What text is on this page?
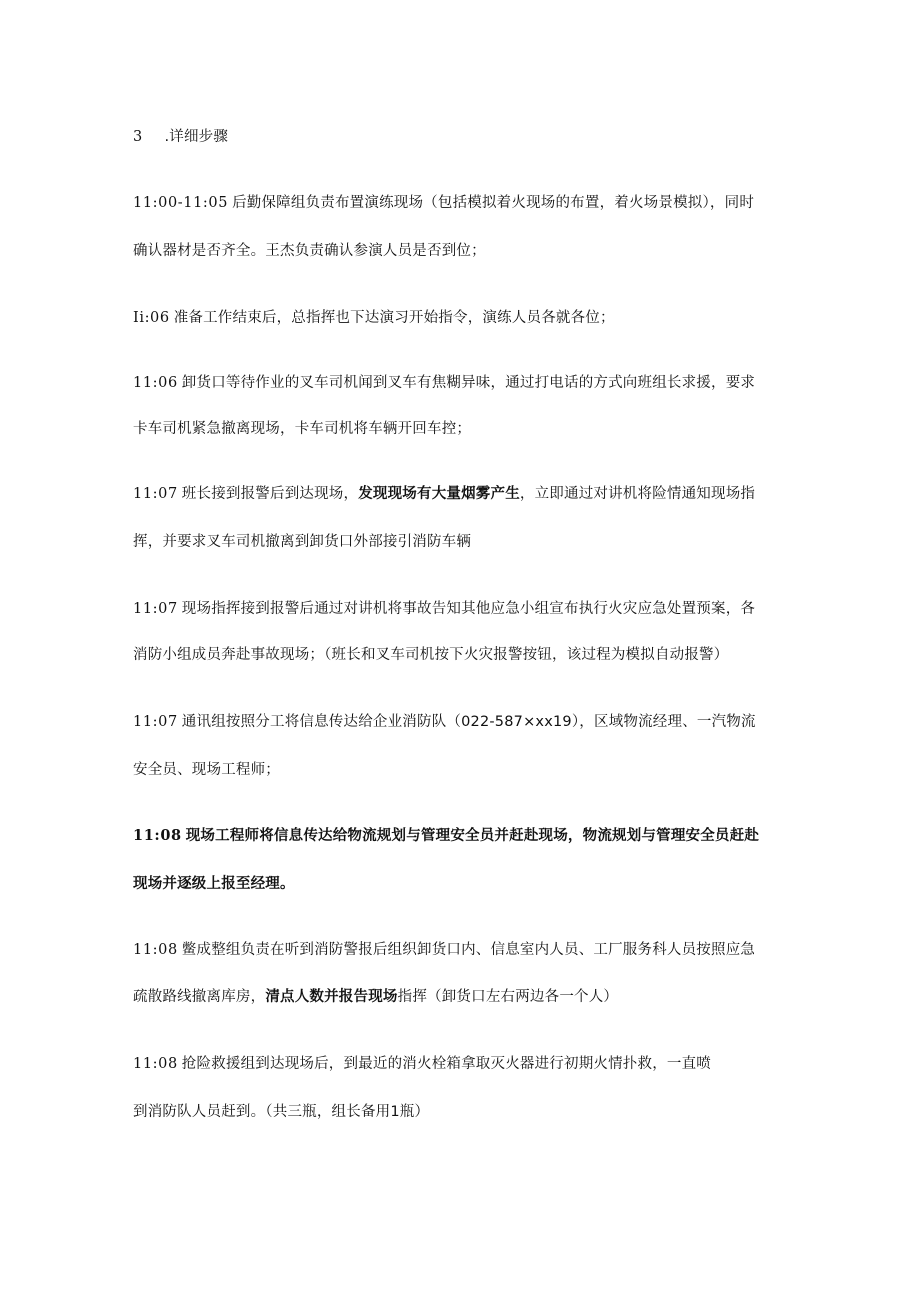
3 .详细步骤
11:00-11:05 后勤保障组负责布置演练现场（包括模拟着火现场的布置，着火场景模拟），同时
确认器材是否齐全。王杰负责确认参演人员是否到位；
Ii:06 准备工作结束后，总指挥也下达演习开始指令，演练人员各就各位；
11:06 卸货口等待作业的叉车司机闻到叉车有焦糊异味，通过打电话的方式向班组长求援，要求
卡车司机紧急撤离现场，卡车司机将车辆开回车控；
11:07 班长接到报警后到达现场，发现现场有大量烟雾产生，立即通过对讲机将险情通知现场指
挥，并要求叉车司机撤离到卸货口外部接引消防车辆
11:07 现场指挥接到报警后通过对讲机将事故告知其他应急小组宣布执行火灾应急处置预案，各
消防小组成员奔赴事故现场；（班长和叉车司机按下火灾报警按钮，该过程为模拟自动报警）
11:07 通讯组按照分工将信息传达给企业消防队（022-587×xx19），区域物流经理、一汽物流
安全员、现场工程师；
11:08 现场工程师将信息传达给物流规划与管理安全员并赶赴现场，物流规划与管理安全员赶赴
现场并逐级上报至经理。
11:08 鳖成整组负责在听到消防警报后组织卸货口内、信息室内人员、工厂服务科人员按照应急
疏散路线撤离库房，清点人数并报告现场指挥（卸货口左右两边各一个人）
11:08 抢险救援组到达现场后，到最近的消火栓箱拿取灭火器进行初期火情扑救，一直喷
到消防队人员赶到。（共三瓶，组长备用1瓶）
